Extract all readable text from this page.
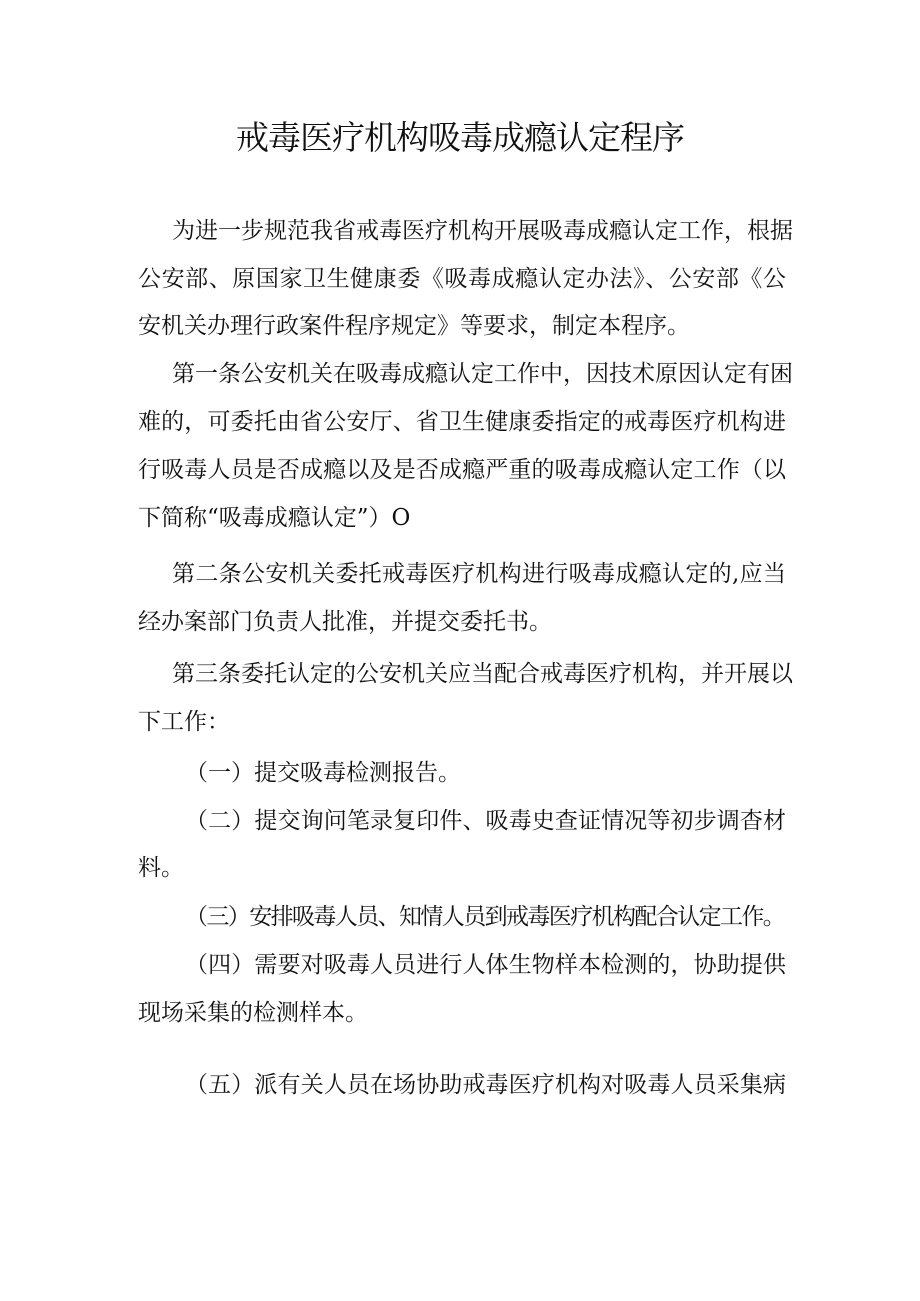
戒毒医疗机构吸毒成瘾认定程序

为进一步规范我省戒毒医疗机构开展吸毒成瘾认定工作，根据

公安部、原国家卫生健康委《吸毒成瘾认定办法》、公安部《公

安机关办理行政案件程序规定》等要求，制定本程序。

第一条公安机关在吸毒成瘾认定工作中，因技术原因认定有困

难的，可委托由省公安厅、省卫生健康委指定的戒毒医疗机构进

行吸毒人员是否成瘾以及是否成瘾严重的吸毒成瘾认定工作（以

下简称“吸毒成瘾认定”）O

第二条公安机关委托戒毒医疗机构进行吸毒成瘾认定的,应当

经办案部门负责人批准，并提交委托书。

第三条委托认定的公安机关应当配合戒毒医疗机构，并开展以

下工作：

（一）提交吸毒检测报告。

（二）提交询问笔录复印件、吸毒史查证情况等初步调杳材

料。

（三）安排吸毒人员、知情人员到戒毒医疗机构配合认定工作。

（四）需要对吸毒人员进行人体生物样本检测的，协助提供

现场采集的检测样本。

（五）派有关人员在场协助戒毒医疗机构对吸毒人员采集病
